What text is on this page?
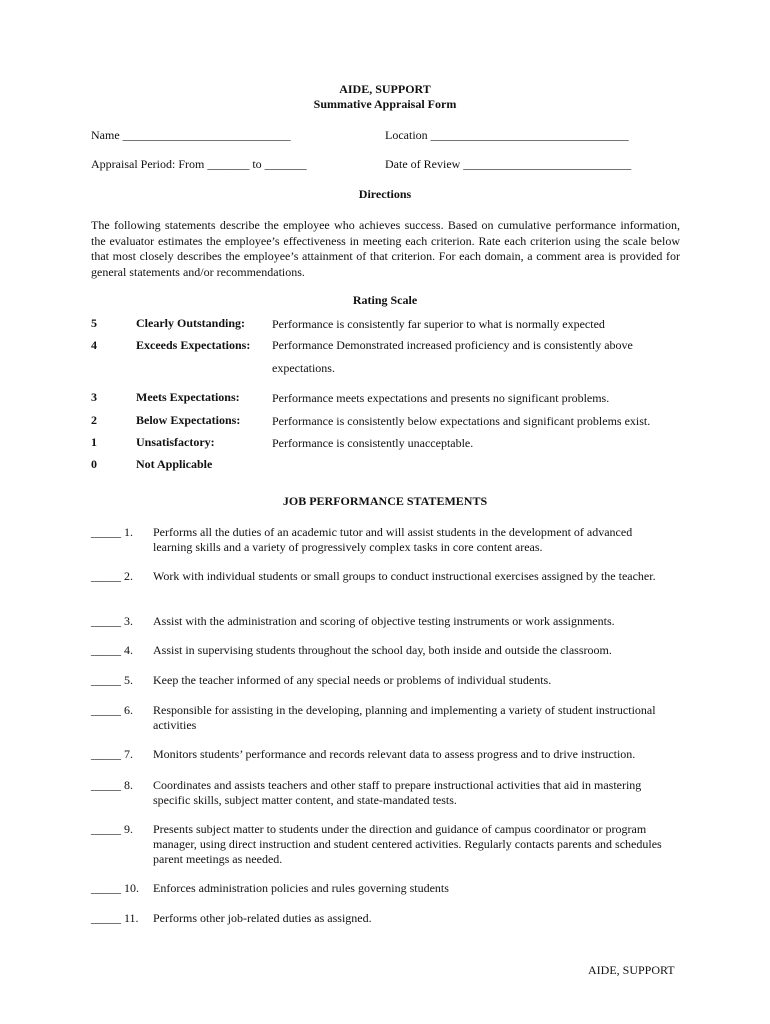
AIDE, SUPPORT
Summative Appraisal Form
Name ____________________________	Location _________________________________
Appraisal Period: From _______ to _______	Date of Review ____________________________
Directions
The following statements describe the employee who achieves success. Based on cumulative performance information, the evaluator estimates the employee’s effectiveness in meeting each criterion. Rate each criterion using the scale below that most closely describes the employee’s attainment of that criterion. For each domain, a comment area is provided for general statements and/or recommendations.
Rating Scale
5	Clearly Outstanding: Performance is consistently far superior to what is normally expected
4	Exceeds Expectations: Performance Demonstrated increased proficiency and is consistently above expectations.
3	Meets Expectations:	Performance meets expectations and presents no significant problems.
2	Below Expectations:	Performance is consistently below expectations and significant problems exist.
1	Unsatisfactory:	Performance is consistently unacceptable.
0	Not Applicable
JOB PERFORMANCE STATEMENTS
_____ 1. Performs all the duties of an academic tutor and will assist students in the development of advanced learning skills and a variety of progressively complex tasks in core content areas.
_____ 2. Work with individual students or small groups to conduct instructional exercises assigned by the teacher.
_____ 3. Assist with the administration and scoring of objective testing instruments or work assignments.
_____ 4. Assist in supervising students throughout the school day, both inside and outside the classroom.
_____ 5. Keep the teacher informed of any special needs or problems of individual students.
_____ 6. Responsible for assisting in the developing, planning and implementing a variety of student instructional activities
_____ 7. Monitors students’ performance and records relevant data to assess progress and to drive instruction.
_____ 8. Coordinates and assists teachers and other staff to prepare instructional activities that aid in mastering specific skills, subject matter content, and state-mandated tests.
_____ 9. Presents subject matter to students under the direction and guidance of campus coordinator or program manager, using direct instruction and student centered activities. Regularly contacts parents and schedules parent meetings as needed.
_____ 10. Enforces administration policies and rules governing students
_____ 11. Performs other job-related duties as assigned.
AIDE, SUPPORT
